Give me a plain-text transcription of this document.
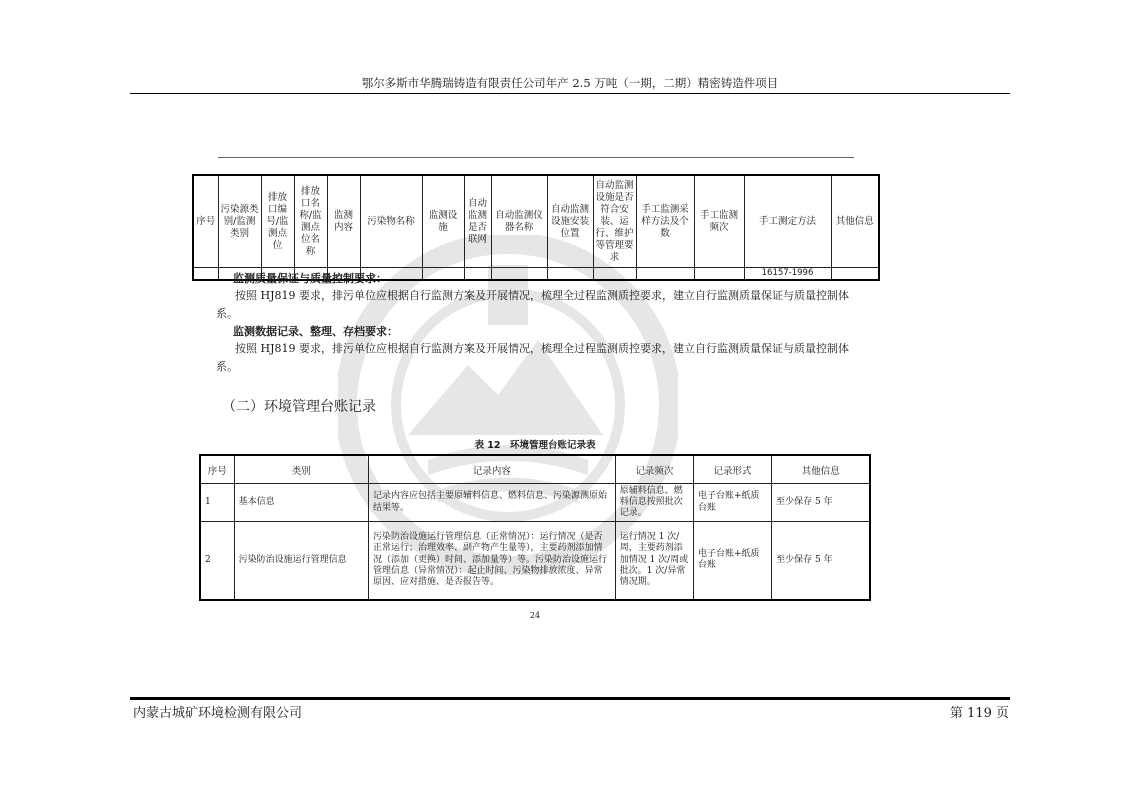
鄂尔多斯市华腾瑞铸造有限责任公司年产 2.5 万吨（一期，二期）精密铸造件项目
序号	污染源类别/监测类别	排放口编号/监测点位	排放口名称/监测点位名称	监测内容	污染物名称	监测设施	自动监测是否联网	自动监测仪器名称	自动监测设施安装位置	自动监测设施是否符合安装、运行、维护等管理要求	手工监测采样方法及个数	手工监测频次	手工测定方法	其他信息
													16157-1996	
监测质量保证与质量控制要求：
按照 HJ819 要求，排污单位应根据自行监测方案及开展情况，梳理全过程监测质控要求，建立自行监测质量保证与质量控制体系。
监测数据记录、整理、存档要求：
按照 HJ819 要求，排污单位应根据自行监测方案及开展情况，梳理全过程监测质控要求，建立自行监测质量保证与质量控制体系。
（二）环境管理台账记录
表 12　环境管理台账记录表
序号	类别	记录内容	记录频次	记录形式	其他信息
1	基本信息	记录内容应包括主要原辅料信息、燃料信息、污染源测原始结果等。	原辅料信息、燃料信息按照批次记录。	电子台账+纸质台账	至少保存 5 年
2	污染防治设施运行管理信息	污染防治设施运行管理信息（正常情况）：运行情况（是否正常运行；治理效率、副产物产生量等），主要药剂添加情况（添加（更换）时间、添加量等）等。污染防治设施运行管理信息（异常情况）：起止时间、污染物排放浓度、异常原因、应对措施、是否报告等。	运行情况 1 次/周，主要药剂添加情况 1 次/周或批次。1 次/异常情况期。	电子台账+纸质台账	至少保存 5 年
24
内蒙古城矿环境检测有限公司	第 119 页
